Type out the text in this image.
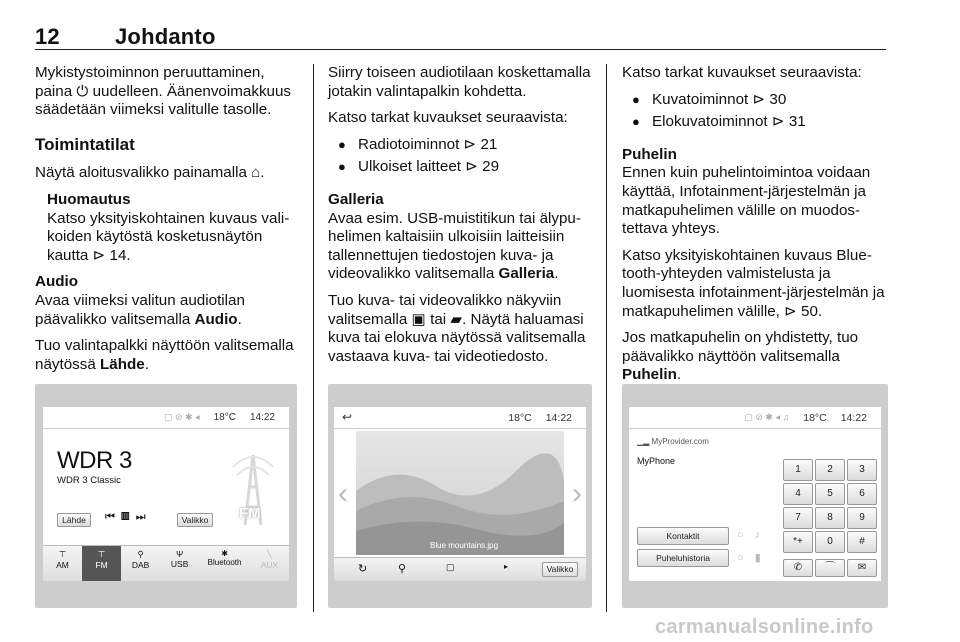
12	Johdanto

Mykistystoiminnon peruuttaminen, paina ⏻ uudelleen. Äänenvoimakkuus säädetään viimeksi valitulle tasolle.

Toimintatilat

Näytä aloitusvalikko painamalla ⌂.

Huomautus

Katso yksityiskohtainen kuvaus valikoiden käytöstä kosketusnäytön kautta ⊳ 14.

Audio

Avaa viimeksi valitun audiotilan päävalikko valitsemalla Audio.

Tuo valintapalkki näyttöön valitsemalla näytössä Lähde.

Siirry toiseen audiotilaan koskettamalla jotakin valintapalkin kohdetta.

Katso tarkat kuvaukset seuraavista:

● Radiotoiminnot ⊳ 21
● Ulkoiset laitteet ⊳ 29
Galleria

Avaa esim. USB-muistitikun tai älypuhelimen kaltaisiin ulkoisiin laitteisiin tallennettujen tiedostojen kuva- ja videovalikko valitsemalla Galleria.

Tuo kuva- tai videovalikko näkyviin valitsemalla ▣ tai ▰. Näytä haluamasi kuva tai elokuva näytössä valitsemalla vastaava kuva- tai videotiedosto.

Katso tarkat kuvaukset seuraavista:

● Kuvatoiminnot ⊳ 30
● Elokuvatoiminnot ⊳ 31
Puhelin

Ennen kuin puhelintoimintoa voidaan käyttää, Infotainment-järjestelmän ja matkapuhelimen välille on muodostettava yhteys.

Katso yksityiskohtainen kuvaus Bluetooth-yhteyden valmistelusta ja luomisesta infotainment-järjestelmän ja matkapuhelimen välille, ⊳ 50.

Jos matkapuhelin on yhdistetty, tuo päävalikko näyttöön valitsemalla Puhelin.

▢ ⊘ ✱ ◂ 18°C 14:22
WDR 3
WDR 3 Classic
FM
Lähde	⏮▦⏭	Valikko
⊤
AM
⊤
FM
⚲
DAB
Ψ
USB
✱
Bluetooth
╲
AUX
↩	18°C 14:22
Blue mountains.jpg
‹	›
↻	⚲	▢	▸	Valikko
▢ ⊘ ✱ ◂ ♫ 18°C 14:22
▁▂ MyProvider.com
MyPhone
Kontaktit
Puheluhistoria
○ ♪
○ ▮
1	2	3
4	5	6
7	8	9
*+	0	#
✆	⌒	✉
carmanualsonline.info
